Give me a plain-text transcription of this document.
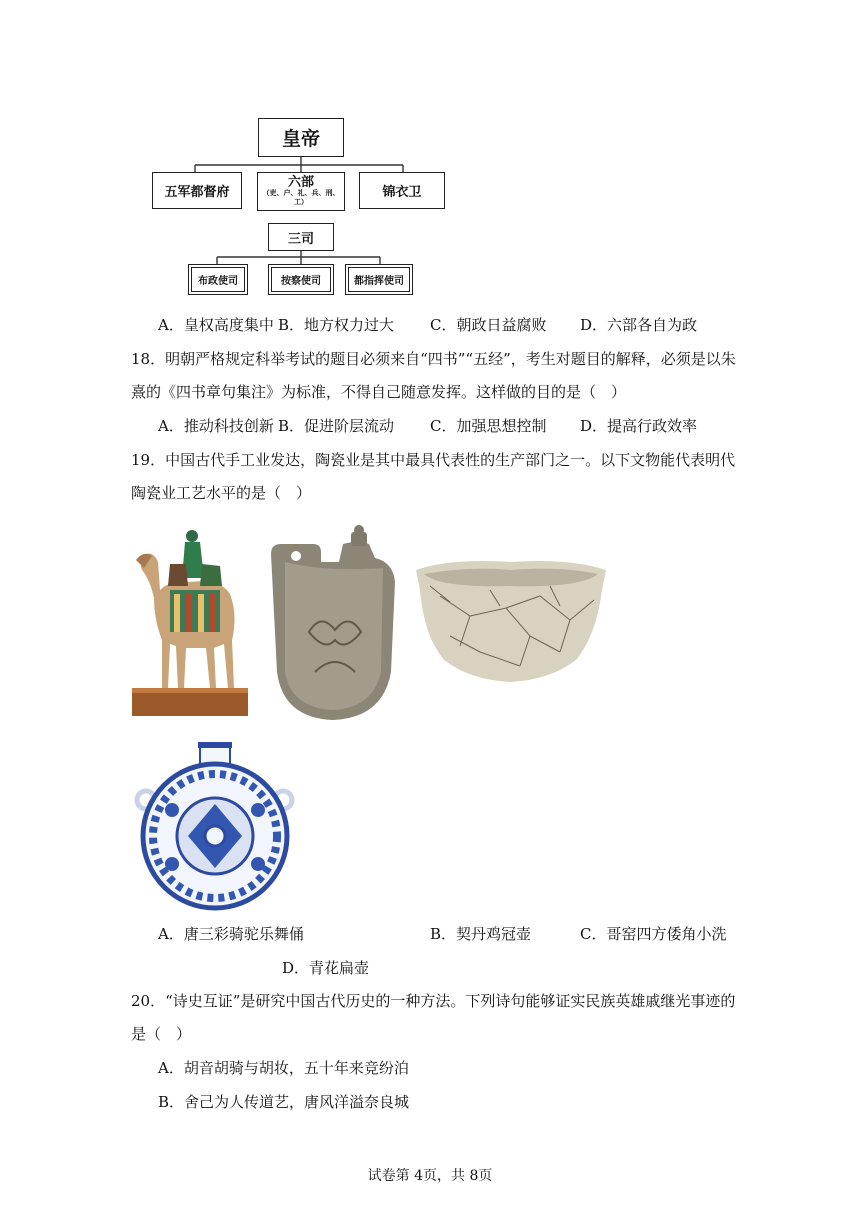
皇帝
五军都督府
六部
（吏、户、礼、兵、刑、工）
锦衣卫
三司
布政使司	按察使司	都指挥使司
A．皇权高度集中 B．地方权力过大 C．朝政日益腐败 D．六部各自为政
18．明朝严格规定科举考试的题目必须来自“四书”“五经”，考生对题目的解释，必须是以朱
熹的《四书章句集注》为标准，不得自己随意发挥。这样做的目的是（　）
A．推动科技创新 B．促进阶层流动 C．加强思想控制 D．提高行政效率
19．中国古代手工业发达，陶瓷业是其中最具代表性的生产部门之一。以下文物能代表明代
陶瓷业工艺水平的是（　）
A．唐三彩骑驼乐舞俑	B．契丹鸡冠壶	C．哥窑四方倭角小洗
D．青花扁壶
20．“诗史互证”是研究中国古代历史的一种方法。下列诗句能够证实民族英雄戚继光事迹的
是（　）
A．胡音胡骑与胡妆，五十年来竞纷泊
B．舍己为人传道艺，唐风洋溢奈良城
试卷第 4页，共 8页
